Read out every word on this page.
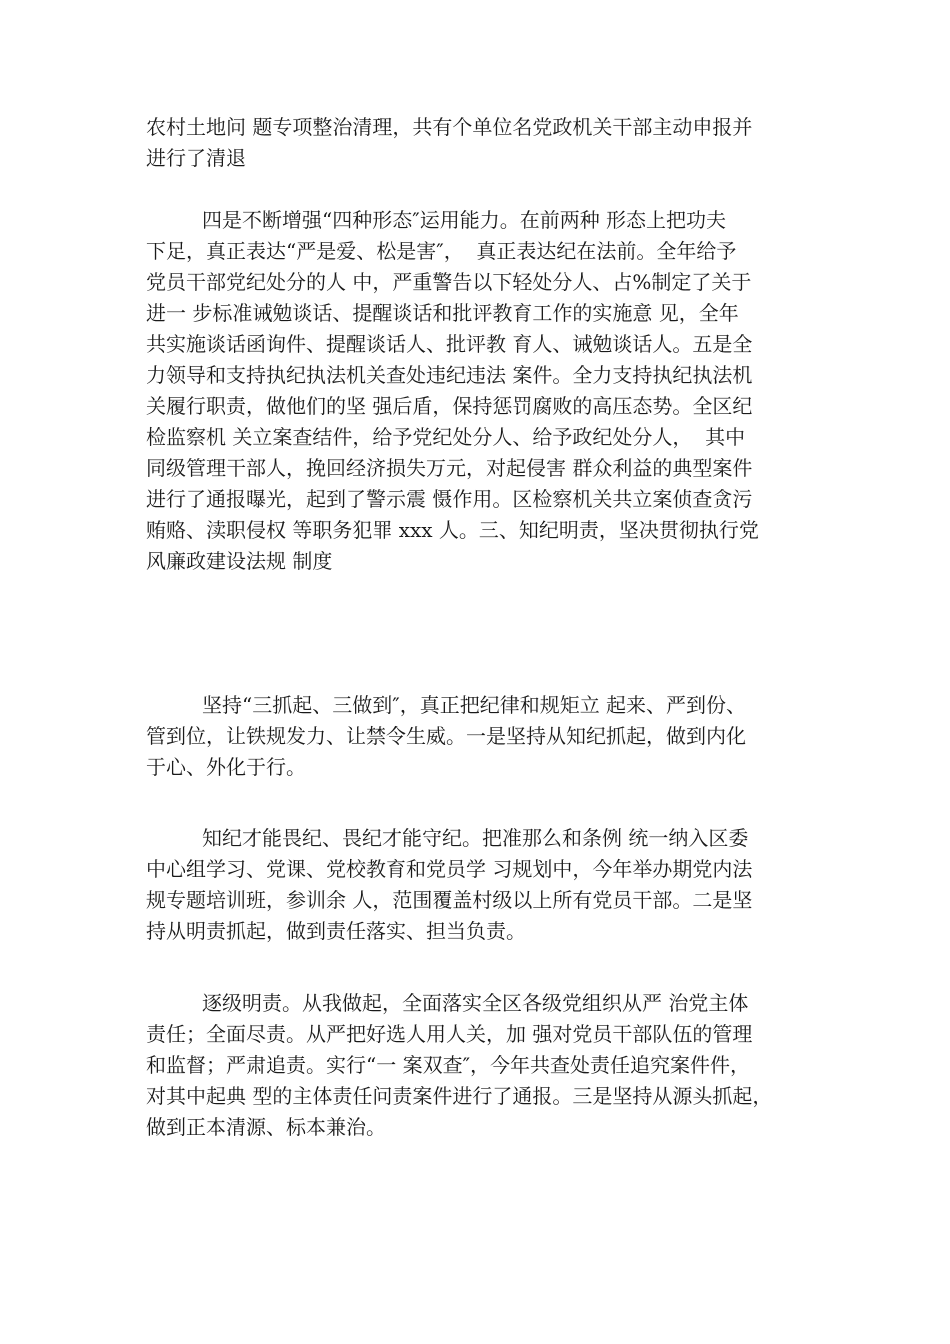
农村土地问 题专项整治清理，共有个单位名党政机关干部主动申报并
进行了清退
四是不断增强“四种形态″运用能力。在前两种 形态上把功夫
下足，真正表达“严是爱、松是害″，  真正表达纪在法前。全年给予
党员干部党纪处分的人 中，严重警告以下轻处分人、占%制定了关于
进一 步标准诫勉谈话、提醒谈话和批评教育工作的实施意 见，全年
共实施谈话函询件、提醒谈话人、批评教 育人、诫勉谈话人。五是全
力领导和支持执纪执法机关查处违纪违法 案件。全力支持执纪执法机
关履行职责，做他们的坚 强后盾，保持惩罚腐败的高压态势。全区纪
检监察机 关立案查结件，给予党纪处分人、给予政纪处分人，  其中
同级管理干部人，挽回经济损失万元，对起侵害 群众利益的典型案件
进行了通报曝光，起到了警示震 慑作用。区检察机关共立案侦查贪污
贿赂、渎职侵权 等职务犯罪 xxx 人。三、知纪明责，坚决贯彻执行党
风廉政建设法规 制度
坚持“三抓起、三做到″，真正把纪律和规矩立 起来、严到份、
管到位，让铁规发力、让禁令生威。一是坚持从知纪抓起，做到内化
于心、外化于行。
知纪才能畏纪、畏纪才能守纪。把准那么和条例 统一纳入区委
中心组学习、党课、党校教育和党员学 习规划中，今年举办期党内法
规专题培训班，参训余 人，范围覆盖村级以上所有党员干部。二是坚
持从明责抓起，做到责任落实、担当负责。
逐级明责。从我做起，全面落实全区各级党组织从严 治党主体
责任；全面尽责。从严把好选人用人关，加 强对党员干部队伍的管理
和监督；严肃追责。实行“一 案双查″，今年共查处责任追究案件件，
对其中起典 型的主体责任问责案件进行了通报。三是坚持从源头抓起，
做到正本清源、标本兼治。
